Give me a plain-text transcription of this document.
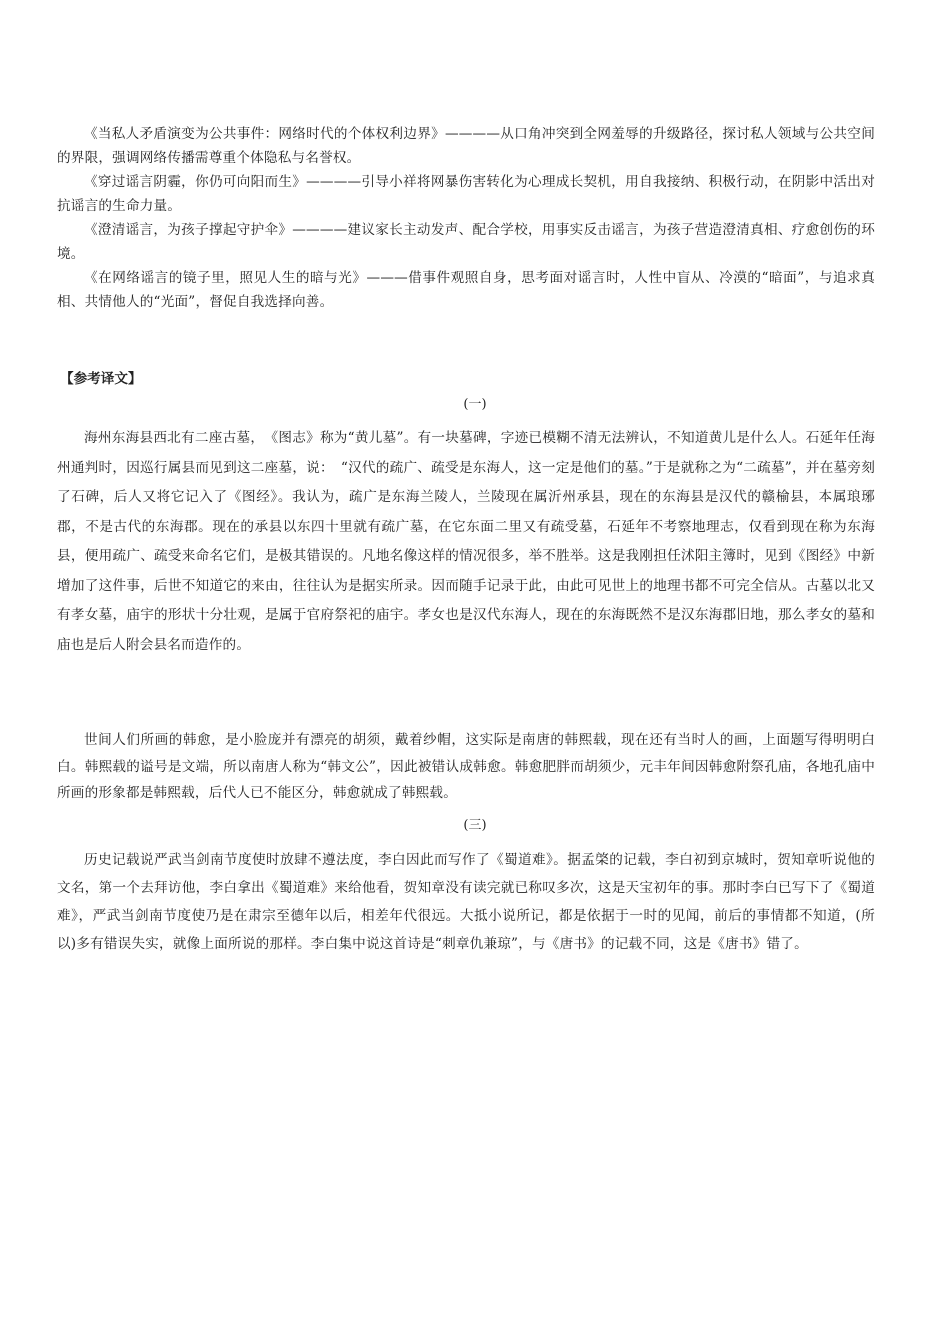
《当私人矛盾演变为公共事件：网络时代的个体权利边界》————从口角冲突到全网羞辱的升级路径，探讨私人领域与公共空间的界限，强调网络传播需尊重个体隐私与名誉权。

《穿过谣言阴霾，你仍可向阳而生》————引导小祥将网暴伤害转化为心理成长契机，用自我接纳、积极行动，在阴影中活出对抗谣言的生命力量。

《澄清谣言，为孩子撑起守护伞》————建议家长主动发声、配合学校，用事实反击谣言，为孩子营造澄清真相、疗愈创伤的环境。

《在网络谣言的镜子里，照见人生的暗与光》———借事件观照自身，思考面对谣言时，人性中盲从、冷漠的“暗面”，与追求真相、共情他人的“光面”，督促自我选择向善。

【参考译文】
(一)

海州东海县西北有二座古墓，　《图志》称为“黄儿墓”。有一块墓碑，字迹已模糊不清无法辨认，不知道黄儿是什么人。石延年任海州通判时，因巡行属县而见到这二座墓，说：　“汉代的疏广、疏受是东海人，这一定是他们的墓。”于是就称之为“二疏墓”，并在墓旁刻了石碑，后人又将它记入了《图经》。我认为，疏广是东海兰陵人，兰陵现在属沂州承县，现在的东海县是汉代的赣榆县，本属琅琊郡，不是古代的东海郡。现在的承县以东四十里就有疏广墓，在它东面二里又有疏受墓，石延年不考察地理志，仅看到现在称为东海县，便用疏广、疏受来命名它们，是极其错误的。凡地名像这样的情况很多，举不胜举。这是我刚担任沭阳主簿时，见到《图经》中新增加了这件事，后世不知道它的来由，往往认为是据实所录。因而随手记录于此，由此可见世上的地理书都不可完全信从。古墓以北又有孝女墓，庙宇的形状十分壮观，是属于官府祭祀的庙宇。孝女也是汉代东海人，现在的东海既然不是汉东海郡旧地，那么孝女的墓和庙也是后人附会县名而造作的。

世间人们所画的韩愈，是小脸庞并有漂亮的胡须，戴着纱帽，这实际是南唐的韩熙载，现在还有当时人的画，上面题写得明明白白。韩熙载的谥号是文端，所以南唐人称为“韩文公”，因此被错认成韩愈。韩愈肥胖而胡须少，元丰年间因韩愈附祭孔庙，各地孔庙中所画的形象都是韩熙载，后代人已不能区分，韩愈就成了韩熙载。

(三)

历史记载说严武当剑南节度使时放肆不遵法度，李白因此而写作了《蜀道难》。据孟棨的记载，李白初到京城时，贺知章听说他的文名，第一个去拜访他，李白拿出《蜀道难》来给他看，贺知章没有读完就已称叹多次，这是天宝初年的事。那时李白已写下了《蜀道难》，严武当剑南节度使乃是在肃宗至德年以后，相差年代很远。大抵小说所记，都是依据于一时的见闻，前后的事情都不知道，(所以)多有错误失实，就像上面所说的那样。李白集中说这首诗是“刺章仇兼琼”，与《唐书》的记载不同，这是《唐书》错了。
